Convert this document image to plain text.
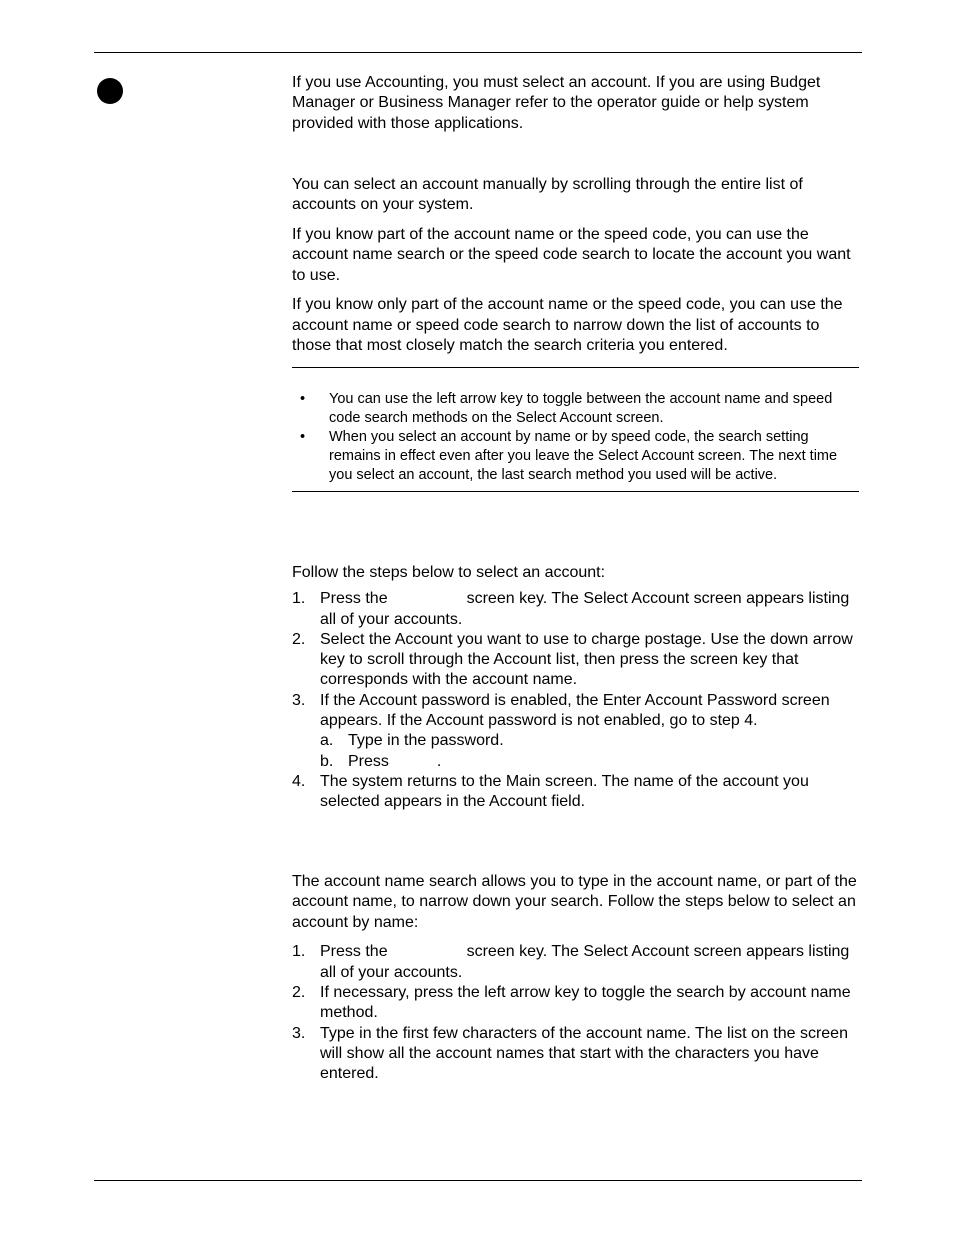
If you use Accounting, you must select an account. If you are using Budget Manager or Business Manager refer to the operator guide or help system provided with those applications.

You can select an account manually by scrolling through the entire list of accounts on your system.

If you know part of the account name or the speed code, you can use the account name search or the speed code search to locate the account you want to use.

If you know only part of the account name or the speed code, you can use the account name or speed code search to narrow down the list of accounts to those that most closely match the search criteria you entered.

• You can use the left arrow key to toggle between the account name and speed code search methods on the Select Account screen.

• When you select an account by name or by speed code, the search setting remains in effect even after you leave the Select Account screen. The next time you select an account, the last search method you used will be active.

Follow the steps below to select an account:

1. Press the	screen key. The Select Account screen appears listing all of your accounts.
2. Select the Account you want to use to charge postage. Use the down arrow key to scroll through the Account list, then press the screen key that corresponds with the account name.
3. If the Account password is enabled, the Enter Account Password screen appears. If the Account password is not enabled, go to step 4.
a. Type in the password.
b. Press	.
4. The system returns to the Main screen. The name of the account you selected appears in the Account field.

The account name search allows you to type in the account name, or part of the account name, to narrow down your search. Follow the steps below to select an account by name:

1. Press the	screen key. The Select Account screen appears listing all of your accounts.
2. If necessary, press the left arrow key to toggle the search by account name method.
3. Type in the first few characters of the account name. The list on the screen will show all the account names that start with the characters you have entered.
